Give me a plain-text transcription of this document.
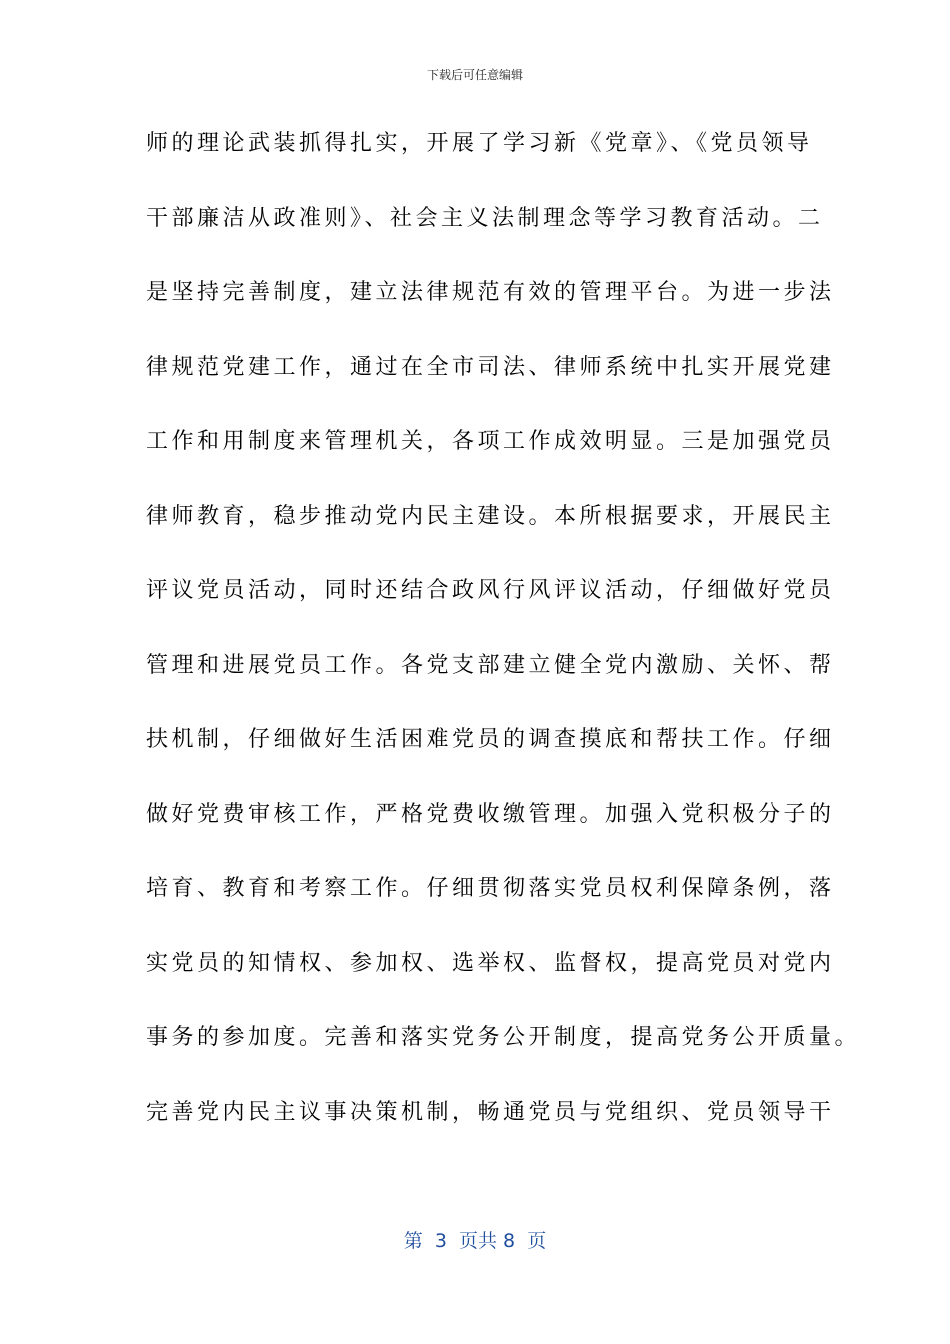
下载后可任意编辑
师的理论武装抓得扎实，开展了学习新《党章》、《党员领导
干部廉洁从政准则》、社会主义法制理念等学习教育活动。二
是坚持完善制度，建立法律规范有效的管理平台。为进一步法
律规范党建工作，通过在全市司法、律师系统中扎实开展党建
工作和用制度来管理机关，各项工作成效明显。三是加强党员
律师教育，稳步推动党内民主建设。本所根据要求，开展民主
评议党员活动，同时还结合政风行风评议活动，仔细做好党员
管理和进展党员工作。各党支部建立健全党内激励、关怀、帮
扶机制，仔细做好生活困难党员的调查摸底和帮扶工作。仔细
做好党费审核工作，严格党费收缴管理。加强入党积极分子的
培育、教育和考察工作。仔细贯彻落实党员权利保障条例，落
实党员的知情权、参加权、选举权、监督权，提高党员对党内
事务的参加度。完善和落实党务公开制度，提高党务公开质量。
完善党内民主议事决策机制，畅通党员与党组织、党员领导干
第  3  页共 8  页
